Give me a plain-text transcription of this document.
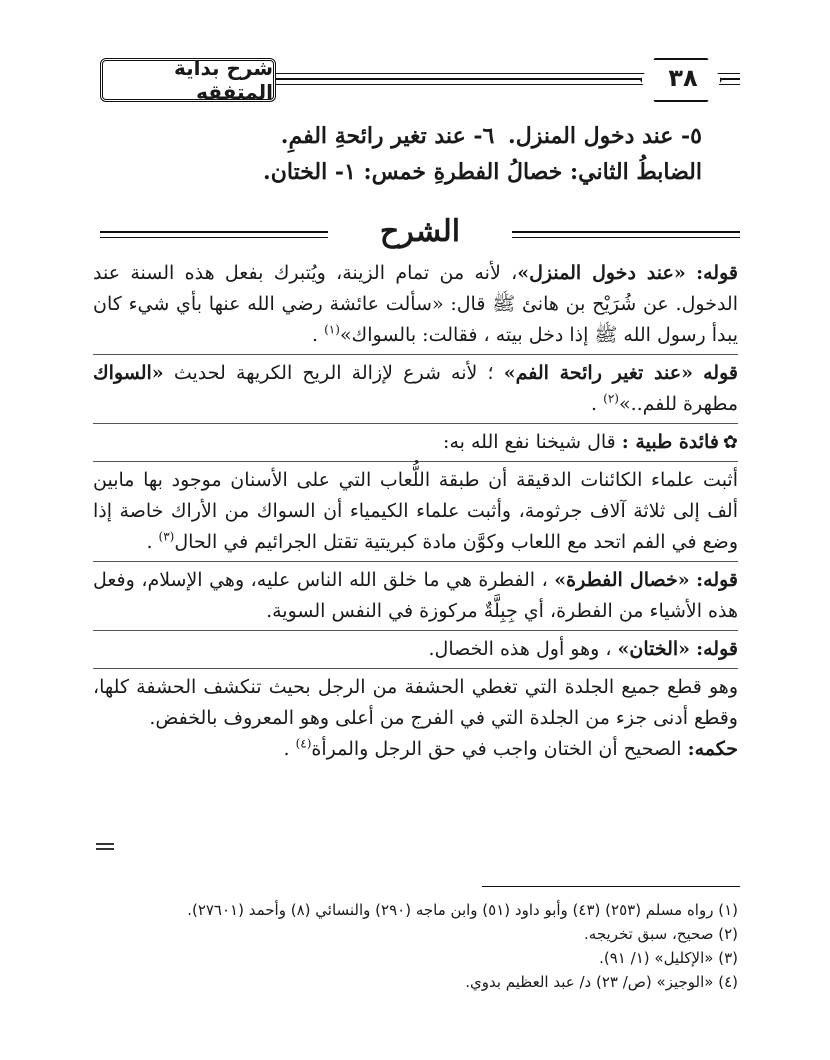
٣٨
شرح بداية المتفقه
٥- عند دخول المنزل. ٦- عند تغير رائحةِ الفمِ.
الضابطُ الثاني: خصالُ الفطرةِ خمس: ١- الختان.
الشرح

قوله: «عند دخول المنزل»، لأنه من تمام الزينة، ويُتبرك بفعل هذه السنة عند الدخول. عن شُرَيْح بن هانئ ﷺ قال: «سألت عائشة رضي الله عنها بأي شيء كان يبدأ رسول الله ﷺ إذا دخل بيته ، فقالت: بالسواك»$^{(١)}$ .

قوله «عند تغير رائحة الفم» ؛ لأنه شرع لإزالة الريح الكريهة لحديث «السواك مطهرة للفم..»$^{(٢)}$ .

✿فائدة طبية : قال شيخنا نفع الله به:

أثبت علماء الكائنات الدقيقة أن طبقة اللُّعاب التي على الأسنان موجود بها مابين ألف إلى ثلاثة آلاف جرثومة، وأثبت علماء الكيمياء أن السواك من الأراك خاصة إذا وضع في الفم اتحد مع اللعاب وكوَّن مادة كبريتية تقتل الجرائيم في الحال$^{(٣)}$ .

قوله: «خصال الفطرة» ، الفطرة هي ما خلق الله الناس عليه، وهي الإسلام، وفعل هذه الأشياء من الفطرة، أي جِبِلَّةٌ مركوزة في النفس السوية.

قوله: «الختان» ، وهو أول هذه الخصال.

وهو قطع جميع الجلدة التي تغطي الحشفة من الرجل بحيث تنكشف الحشفة كلها، وقطع أدنى جزء من الجلدة التي في الفرج من أعلى وهو المعروف بالخفض.

حكمه: الصحيح أن الختان واجب في حق الرجل والمرأة$^{(٤)}$ .

(١) رواه مسلم (٢٥٣) (٤٣) وأبو داود (٥١) وابن ماجه (٢٩٠) والنسائي (٨) وأحمد (٢٧٦٠١).
(٢) صحيح، سبق تخريجه.
(٣) «الإكليل» (١/ ٩١).
(٤) «الوجيز» (ص/ ٢٣) د/ عبد العظيم بدوي.
